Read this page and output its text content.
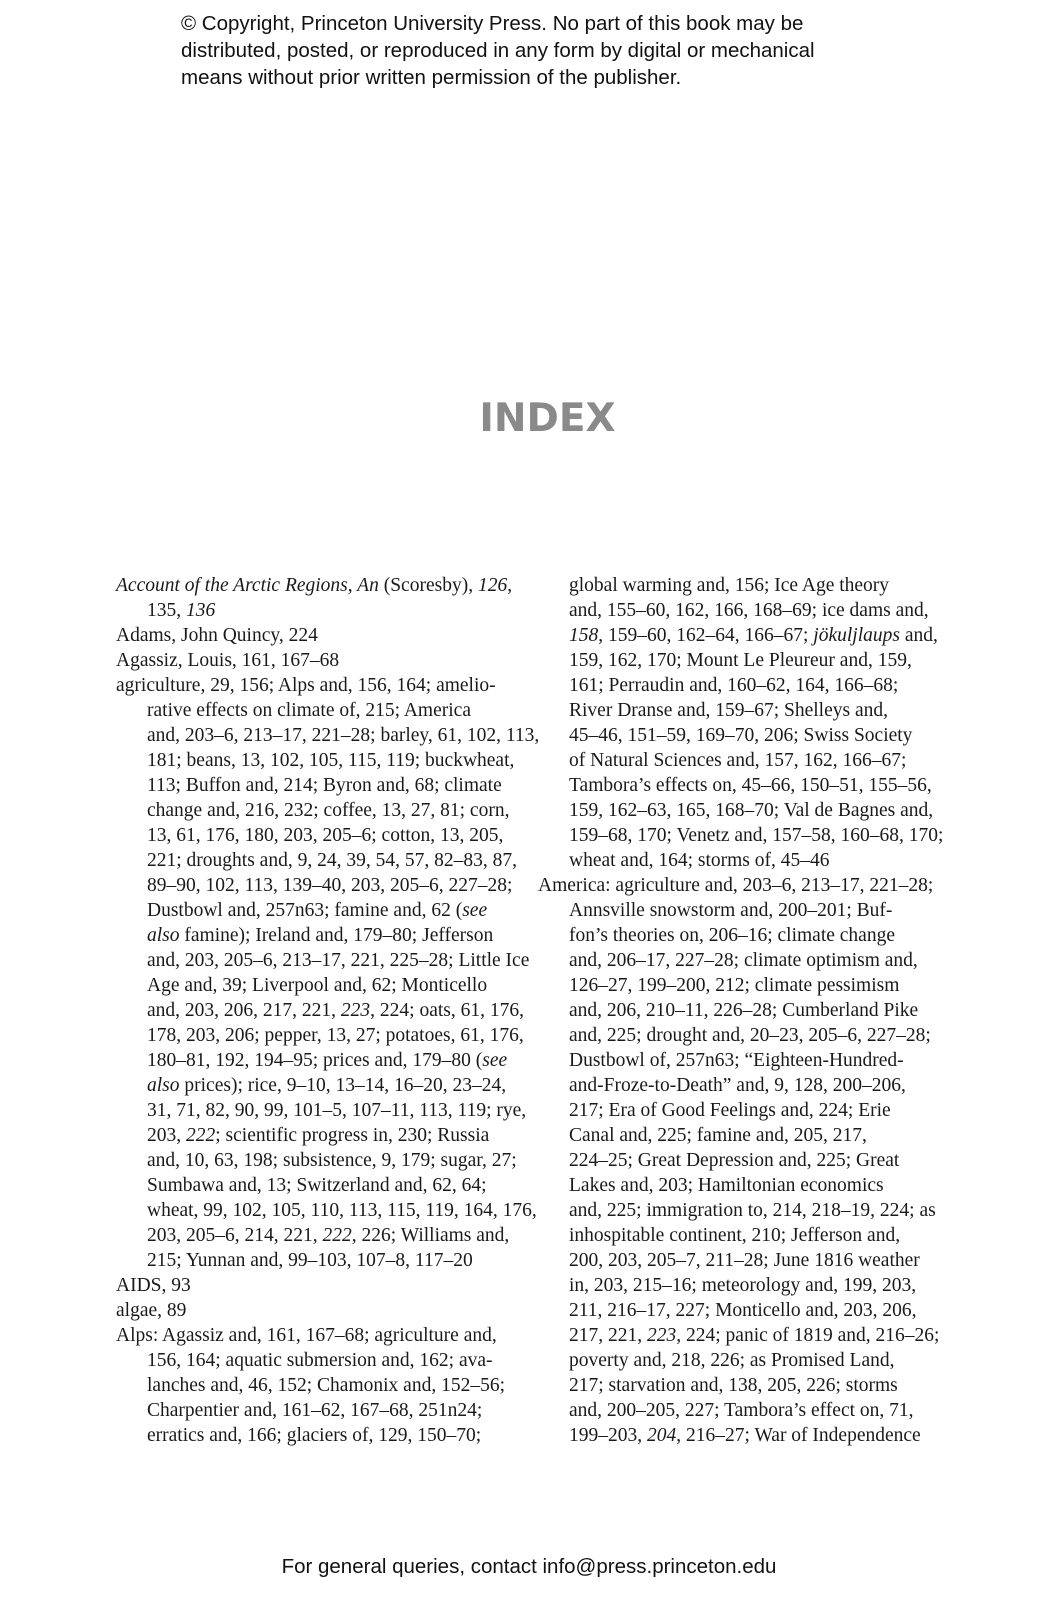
© Copyright, Princeton University Press. No part of this book may be
distributed, posted, or reproduced in any form by digital or mechanical
means without prior written permission of the publisher.
INDEX
Account of the Arctic Regions, An (Scoresby), 126,
135, 136
Adams, John Quincy, 224
Agassiz, Louis, 161, 167–68
agriculture, 29, 156; Alps and, 156, 164; amelio-
rative effects on climate of, 215; America
and, 203–6, 213–17, 221–28; barley, 61, 102, 113,
181; beans, 13, 102, 105, 115, 119; buckwheat,
113; Buffon and, 214; Byron and, 68; climate
change and, 216, 232; coffee, 13, 27, 81; corn,
13, 61, 176, 180, 203, 205–6; cotton, 13, 205,
221; droughts and, 9, 24, 39, 54, 57, 82–83, 87,
89–90, 102, 113, 139–40, 203, 205–6, 227–28;
Dustbowl and, 257n63; famine and, 62 (see
also famine); Ireland and, 179–80; Jefferson
and, 203, 205–6, 213–17, 221, 225–28; Little Ice
Age and, 39; Liverpool and, 62; Monticello
and, 203, 206, 217, 221, 223, 224; oats, 61, 176,
178, 203, 206; pepper, 13, 27; potatoes, 61, 176,
180–81, 192, 194–95; prices and, 179–80 (see
also prices); rice, 9–10, 13–14, 16–20, 23–24,
31, 71, 82, 90, 99, 101–5, 107–11, 113, 119; rye,
203, 222; scientific progress in, 230; Russia
and, 10, 63, 198; subsistence, 9, 179; sugar, 27;
Sumbawa and, 13; Switzerland and, 62, 64;
wheat, 99, 102, 105, 110, 113, 115, 119, 164, 176,
203, 205–6, 214, 221, 222, 226; Williams and,
215; Yunnan and, 99–103, 107–8, 117–20
AIDS, 93
algae, 89
Alps: Agassiz and, 161, 167–68; agriculture and,
156, 164; aquatic submersion and, 162; ava-
lanches and, 46, 152; Chamonix and, 152–56;
Charpentier and, 161–62, 167–68, 251n24;
erratics and, 166; glaciers of, 129, 150–70;
global warming and, 156; Ice Age theory
and, 155–60, 162, 166, 168–69; ice dams and,
158, 159–60, 162–64, 166–67; jökuljlaups and,
159, 162, 170; Mount Le Pleureur and, 159,
161; Perraudin and, 160–62, 164, 166–68;
River Dranse and, 159–67; Shelleys and,
45–46, 151–59, 169–70, 206; Swiss Society
of Natural Sciences and, 157, 162, 166–67;
Tambora’s effects on, 45–66, 150–51, 155–56,
159, 162–63, 165, 168–70; Val de Bagnes and,
159–68, 170; Venetz and, 157–58, 160–68, 170;
wheat and, 164; storms of, 45–46
America: agriculture and, 203–6, 213–17, 221–28;
Annsville snowstorm and, 200–201; Buf-
fon’s theories on, 206–16; climate change
and, 206–17, 227–28; climate optimism and,
126–27, 199–200, 212; climate pessimism
and, 206, 210–11, 226–28; Cumberland Pike
and, 225; drought and, 20–23, 205–6, 227–28;
Dustbowl of, 257n63; “Eighteen-Hundred-
and-Froze-to-Death” and, 9, 128, 200–206,
217; Era of Good Feelings and, 224; Erie
Canal and, 225; famine and, 205, 217,
224–25; Great Depression and, 225; Great
Lakes and, 203; Hamiltonian economics
and, 225; immigration to, 214, 218–19, 224; as
inhospitable continent, 210; Jefferson and,
200, 203, 205–7, 211–28; June 1816 weather
in, 203, 215–16; meteorology and, 199, 203,
211, 216–17, 227; Monticello and, 203, 206,
217, 221, 223, 224; panic of 1819 and, 216–26;
poverty and, 218, 226; as Promised Land,
217; starvation and, 138, 205, 226; storms
and, 200–205, 227; Tambora’s effect on, 71,
199–203, 204, 216–27; War of Independence
For general queries, contact info@press.princeton.edu
